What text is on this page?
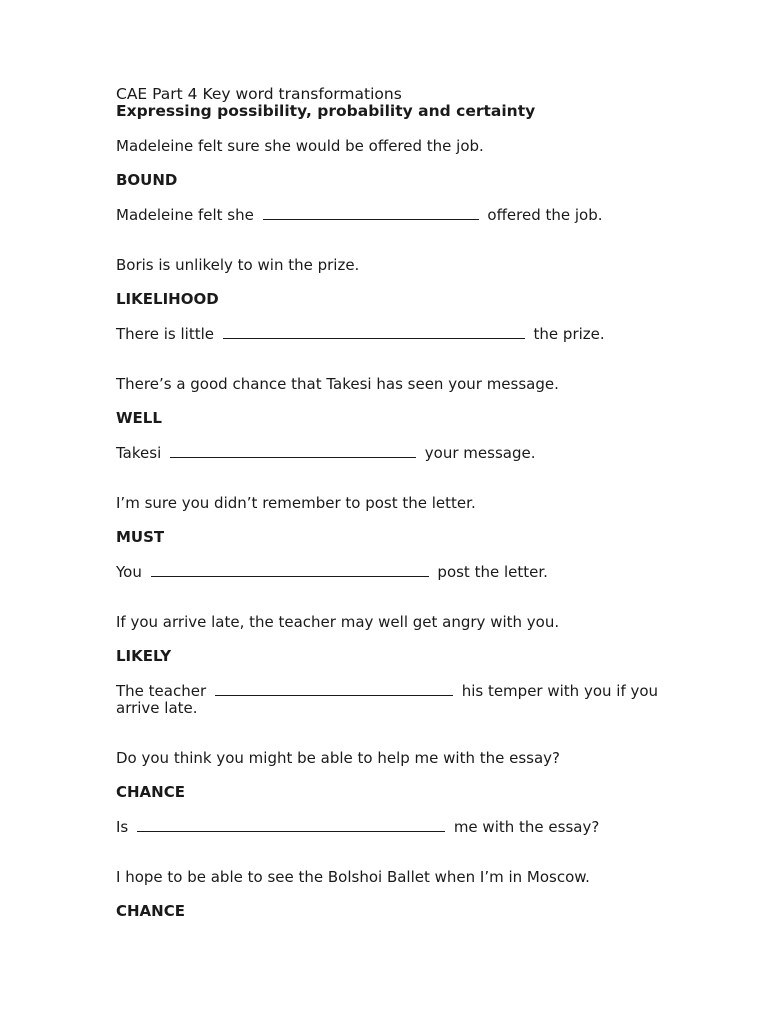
CAE Part 4 Key word transformations
Expressing possibility, probability and certainty
Madeleine felt sure she would be offered the job.
BOUND
Madeleine felt she	offered the job.
Boris is unlikely to win the prize.
LIKELIHOOD
There is little	the prize.
There’s a good chance that Takesi has seen your message.
WELL
Takesi	your message.
I’m sure you didn’t remember to post the letter.
MUST
You	post the letter.
If you arrive late, the teacher may well get angry with you.
LIKELY
The teacher	his temper with you if you arrive late.
Do you think you might be able to help me with the essay?
CHANCE
Is	me with the essay?
I hope to be able to see the Bolshoi Ballet when I’m in Moscow.
CHANCE
